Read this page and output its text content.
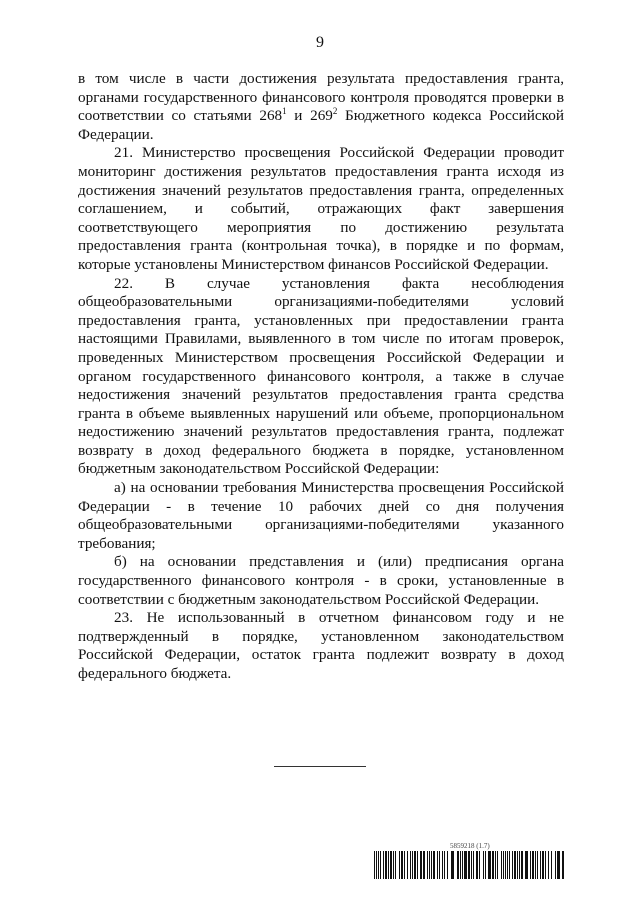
9

в том числе в части достижения результата предоставления гранта, органами государственного финансового контроля проводятся проверки в соответствии со статьями $268^1$ и $269^2$ Бюджетного кодекса Российской Федерации.

21. Министерство просвещения Российской Федерации проводит мониторинг достижения результатов предоставления гранта исходя из достижения значений результатов предоставления гранта, определенных соглашением, и событий, отражающих факт завершения соответствующего мероприятия по достижению результата предоставления гранта (контрольная точка), в порядке и по формам, которые установлены Министерством финансов Российской Федерации.

22. В случае установления факта несоблюдения общеобразовательными организациями-победителями условий предоставления гранта, установленных при предоставлении гранта настоящими Правилами, выявленного в том числе по итогам проверок, проведенных Министерством просвещения Российской Федерации и органом государственного финансового контроля, а также в случае недостижения значений результатов предоставления гранта средства гранта в объеме выявленных нарушений или объеме, пропорциональном недостижению значений результатов предоставления гранта, подлежат возврату в доход федерального бюджета в порядке, установленном бюджетным законодательством Российской Федерации:

а) на основании требования Министерства просвещения Российской Федерации - в течение 10 рабочих дней со дня получения общеобразовательными организациями-победителями указанного требования;

б) на основании представления и (или) предписания органа государственного финансового контроля - в сроки, установленные в соответствии с бюджетным законодательством Российской Федерации.

23. Не использованный в отчетном финансовом году и не подтвержденный в порядке, установленном законодательством Российской Федерации, остаток гранта подлежит возврату в доход федерального бюджета.

5859218 (1.7)
